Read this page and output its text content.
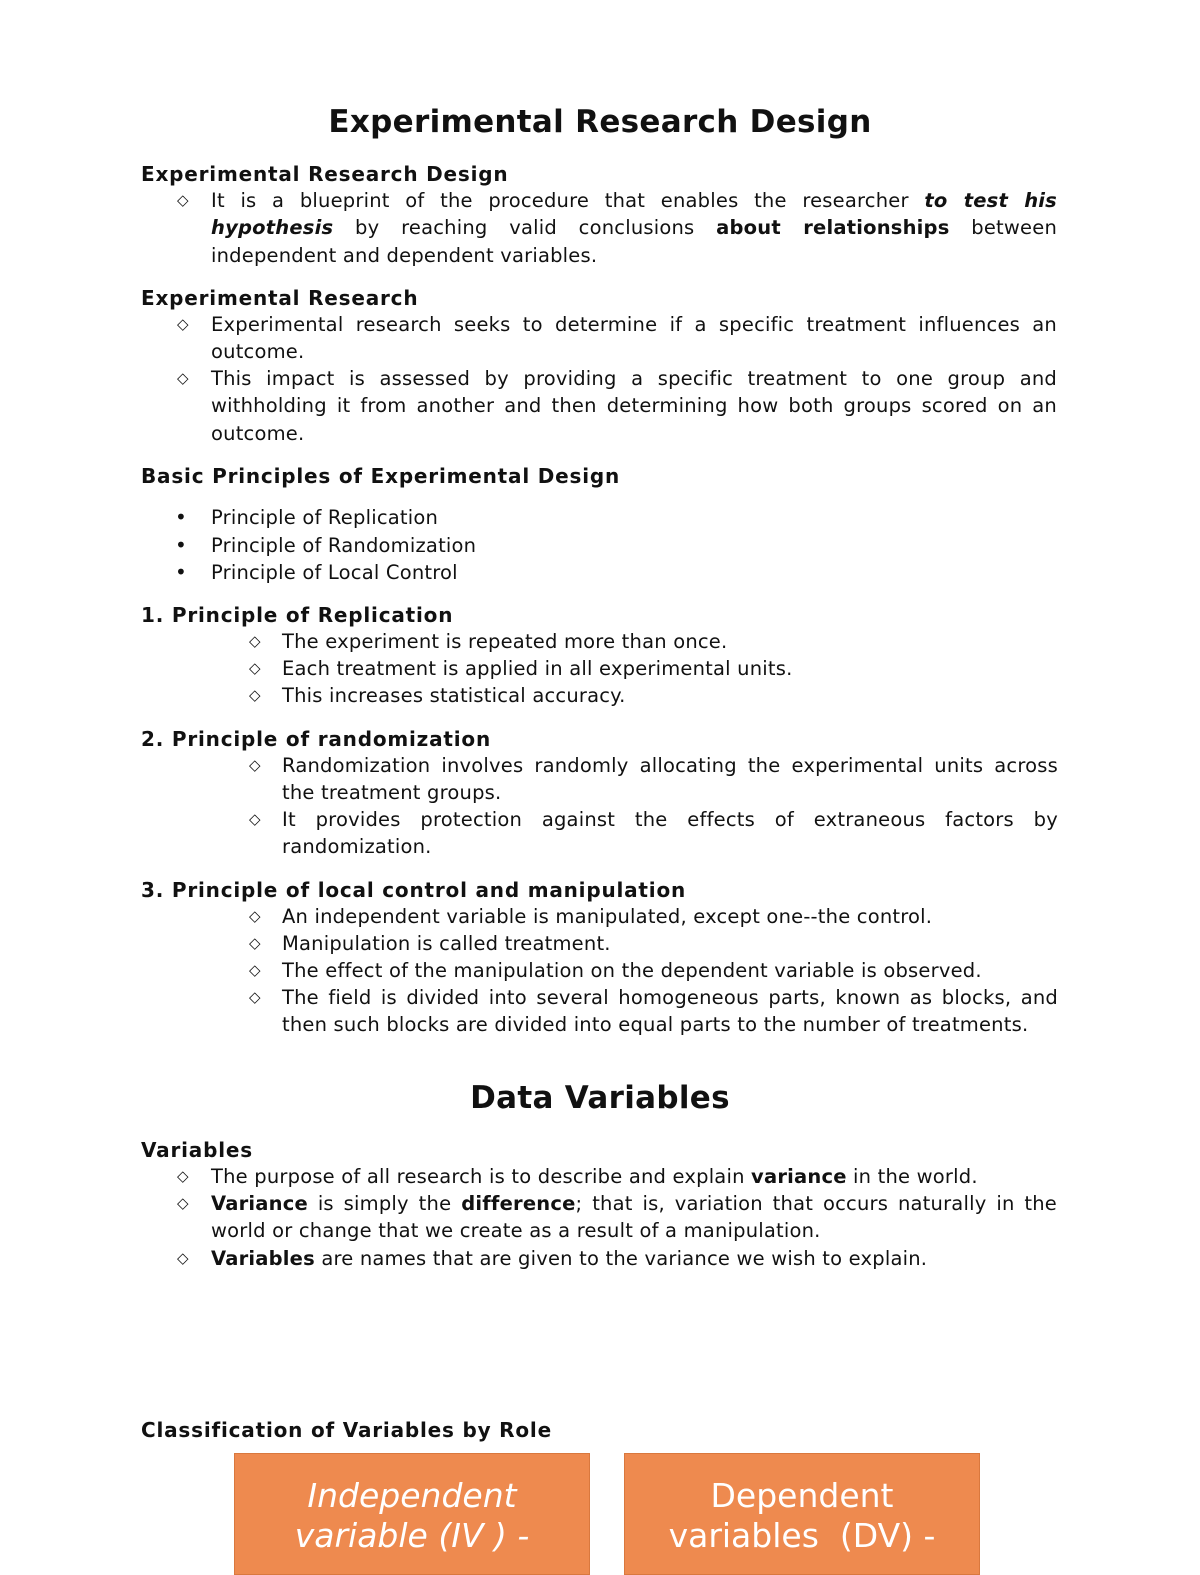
Experimental Research Design
Experimental Research Design
◇ It is a blueprint of the procedure that enables the researcher to test his hypothesis by reaching valid conclusions about relationships between independent and dependent variables.
Experimental Research
◇ Experimental research seeks to determine if a specific treatment influences an outcome.
◇ This impact is assessed by providing a specific treatment to one group and withholding it from another and then determining how both groups scored on an outcome.
Basic Principles of Experimental Design
• Principle of Replication
• Principle of Randomization
• Principle of Local Control
1. Principle of Replication
◇ The experiment is repeated more than once.
◇ Each treatment is applied in all experimental units.
◇ This increases statistical accuracy.
2. Principle of randomization
◇ Randomization involves randomly allocating the experimental units across the treatment groups.
◇ It provides protection against the effects of extraneous factors by randomization.
3. Principle of local control and manipulation
◇ An independent variable is manipulated, except one--the control.
◇ Manipulation is called treatment.
◇ The effect of the manipulation on the dependent variable is observed.
◇ The field is divided into several homogeneous parts, known as blocks, and then such blocks are divided into equal parts to the number of treatments.
Data Variables
Variables
◇ The purpose of all research is to describe and explain variance in the world.
◇ Variance is simply the difference; that is, variation that occurs naturally in the world or change that we create as a result of a manipulation.
◇ Variables are names that are given to the variance we wish to explain.
Classification of Variables by Role
Independent
variable (IV ) -
Dependent
variables  (DV) -
